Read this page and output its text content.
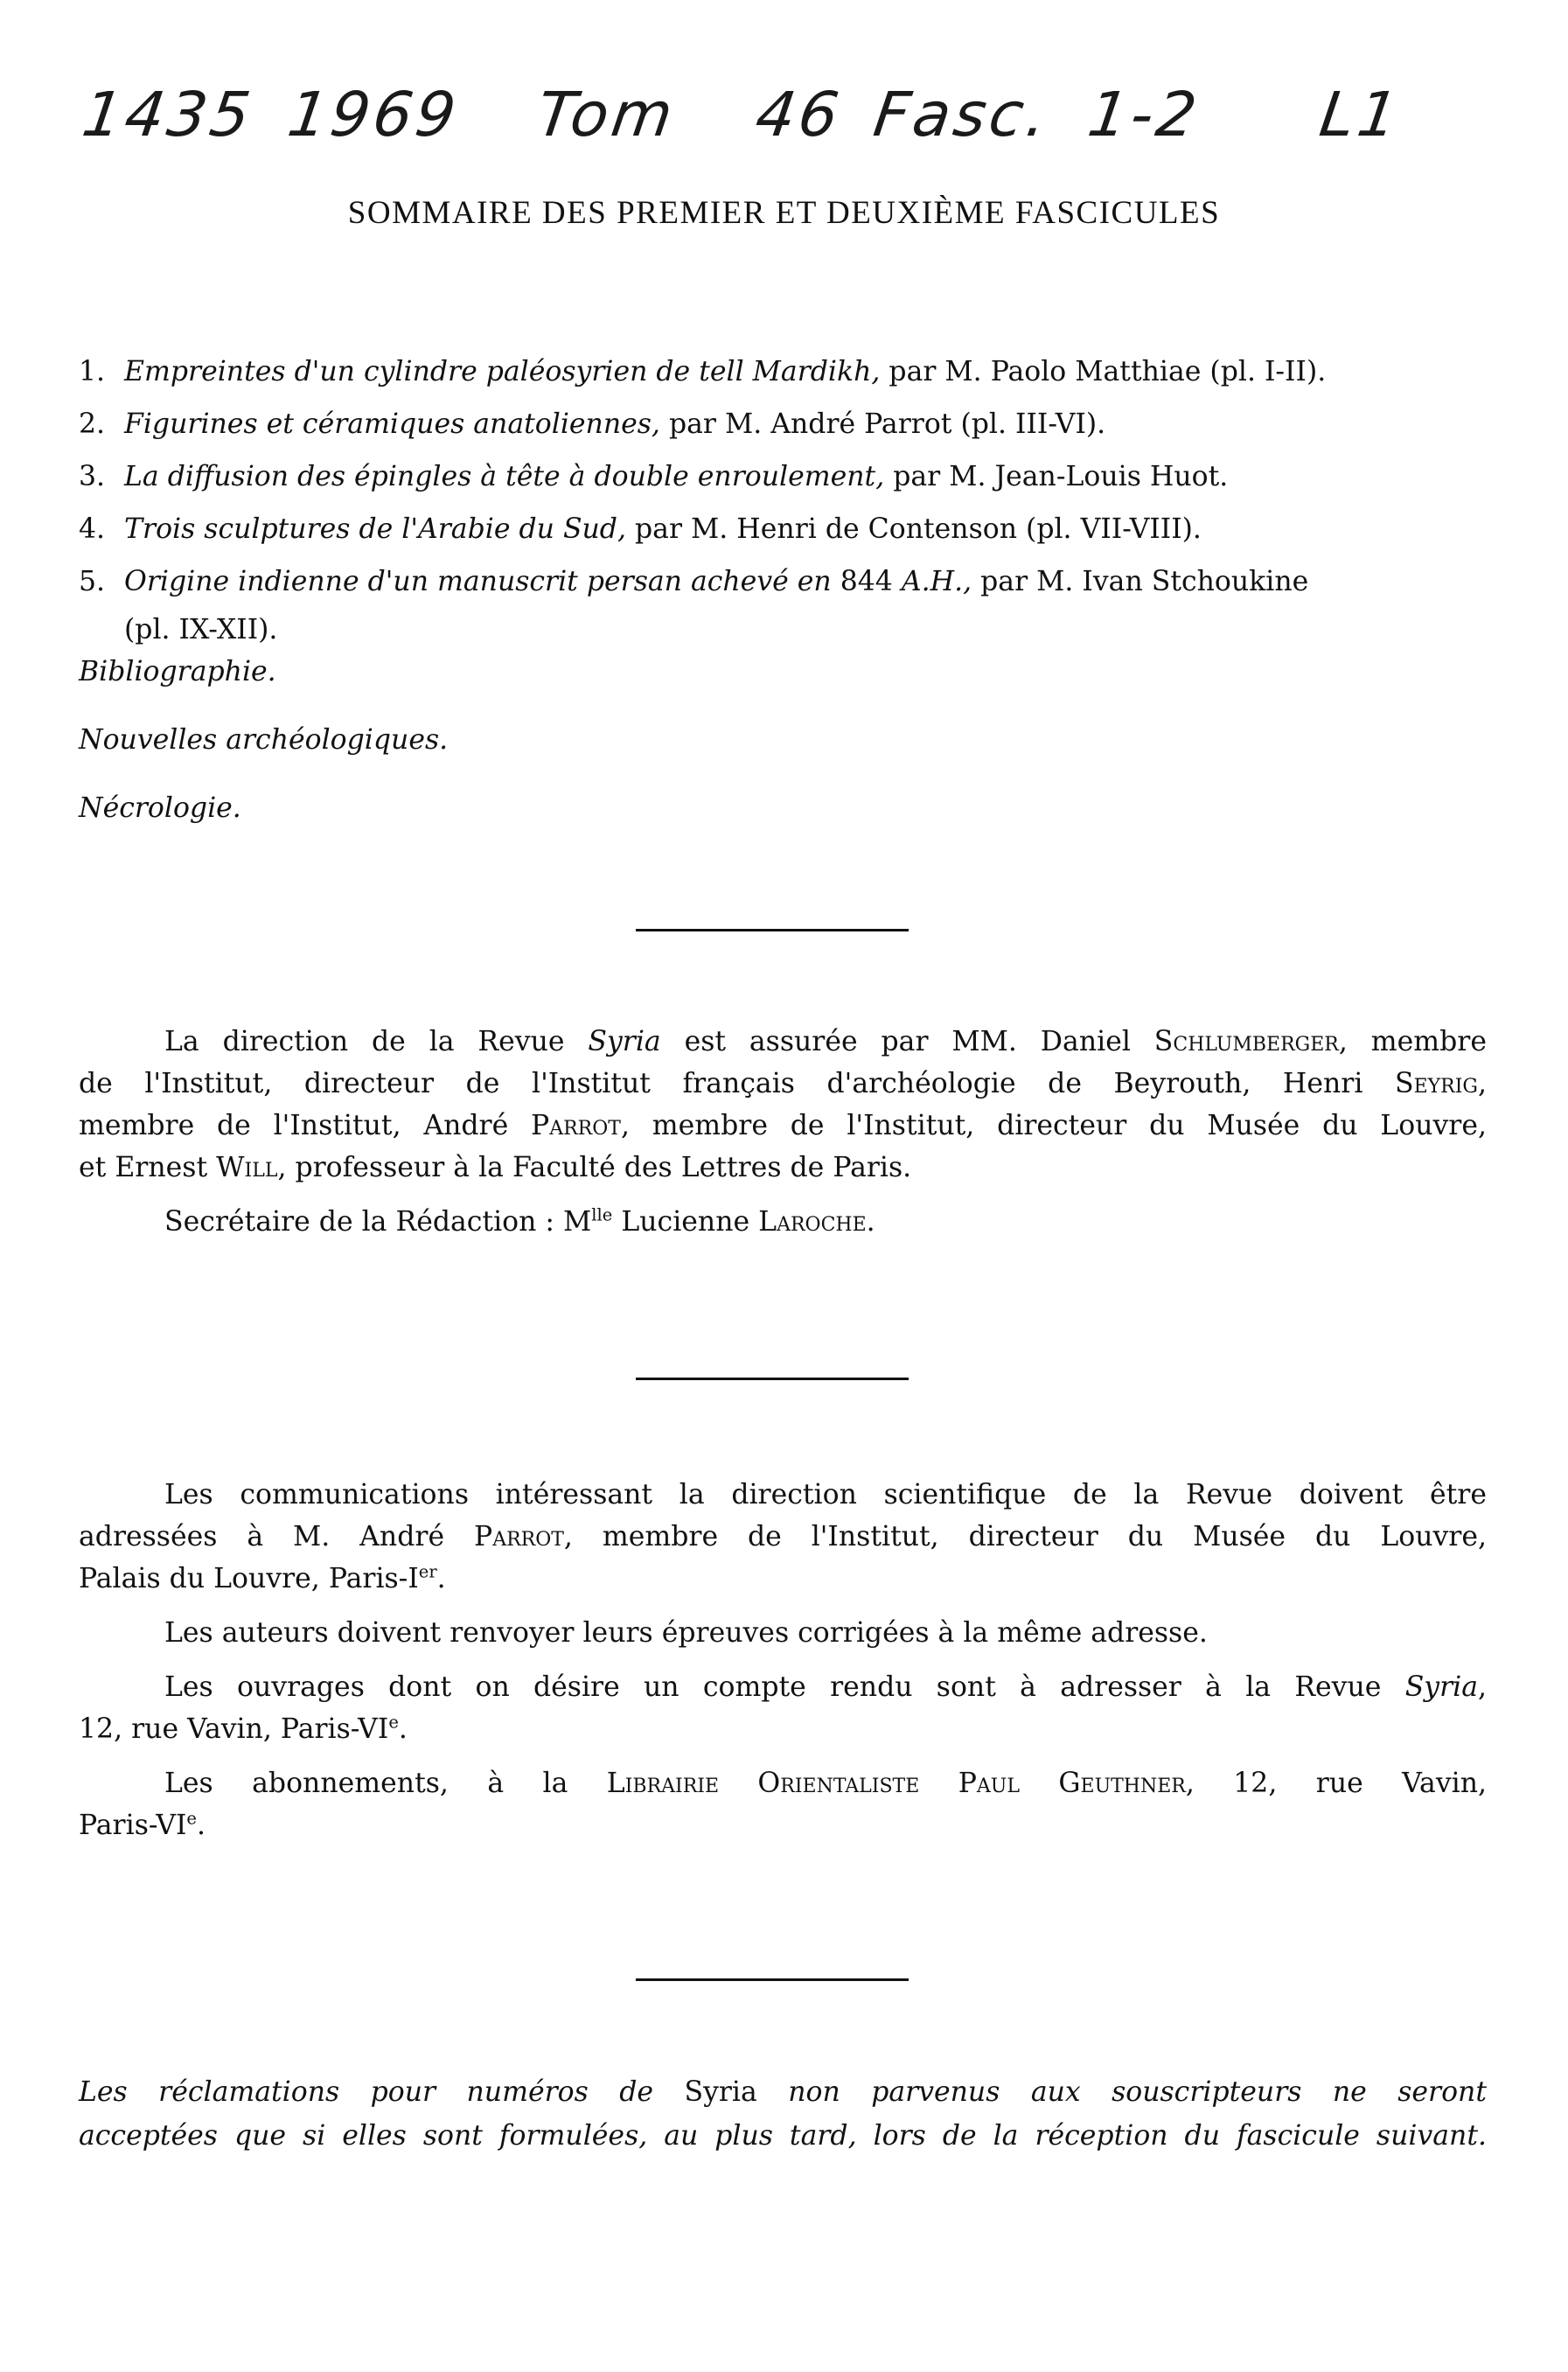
1435 1969 Tom 46 Fasc. 1-2 L1
SOMMAIRE DES PREMIER ET DEUXIÈME FASCICULES
1. Empreintes d'un cylindre paléosyrien de tell Mardikh, par M. Paolo Matthiae (pl. I-II).
2. Figurines et céramiques anatoliennes, par M. André Parrot (pl. III-VI).
3. La diffusion des épingles à tête à double enroulement, par M. Jean-Louis Huot.
4. Trois sculptures de l'Arabie du Sud, par M. Henri de Contenson (pl. VII-VIII).
5. Origine indienne d'un manuscrit persan achevé en 844 A.H., par M. Ivan Stchoukine
(pl. IX-XII).
Bibliographie.
Nouvelles archéologiques.
Nécrologie.
La direction de la Revue Syria est assurée par MM. Daniel Schlumberger, membre
de l'Institut, directeur de l'Institut français d'archéologie de Beyrouth, Henri Seyrig,
membre de l'Institut, André Parrot, membre de l'Institut, directeur du Musée du Louvre,
et Ernest Will, professeur à la Faculté des Lettres de Paris.
Secrétaire de la Rédaction : $M^{lle}$ Lucienne Laroche.
Les communications intéressant la direction scientifique de la Revue doivent être
adressées à M. André Parrot, membre de l'Institut, directeur du Musée du Louvre,
Palais du Louvre, Paris-Ier.
Les auteurs doivent renvoyer leurs épreuves corrigées à la même adresse.
Les ouvrages dont on désire un compte rendu sont à adresser à la Revue Syria,
12, rue Vavin, Paris-VIe.
Les abonnements, à la Librairie Orientaliste Paul Geuthner, 12, rue Vavin,
Paris-VIe.
Les réclamations pour numéros de Syria non parvenus aux souscripteurs ne seront
acceptées que si elles sont formulées, au plus tard, lors de la réception du fascicule suivant.
